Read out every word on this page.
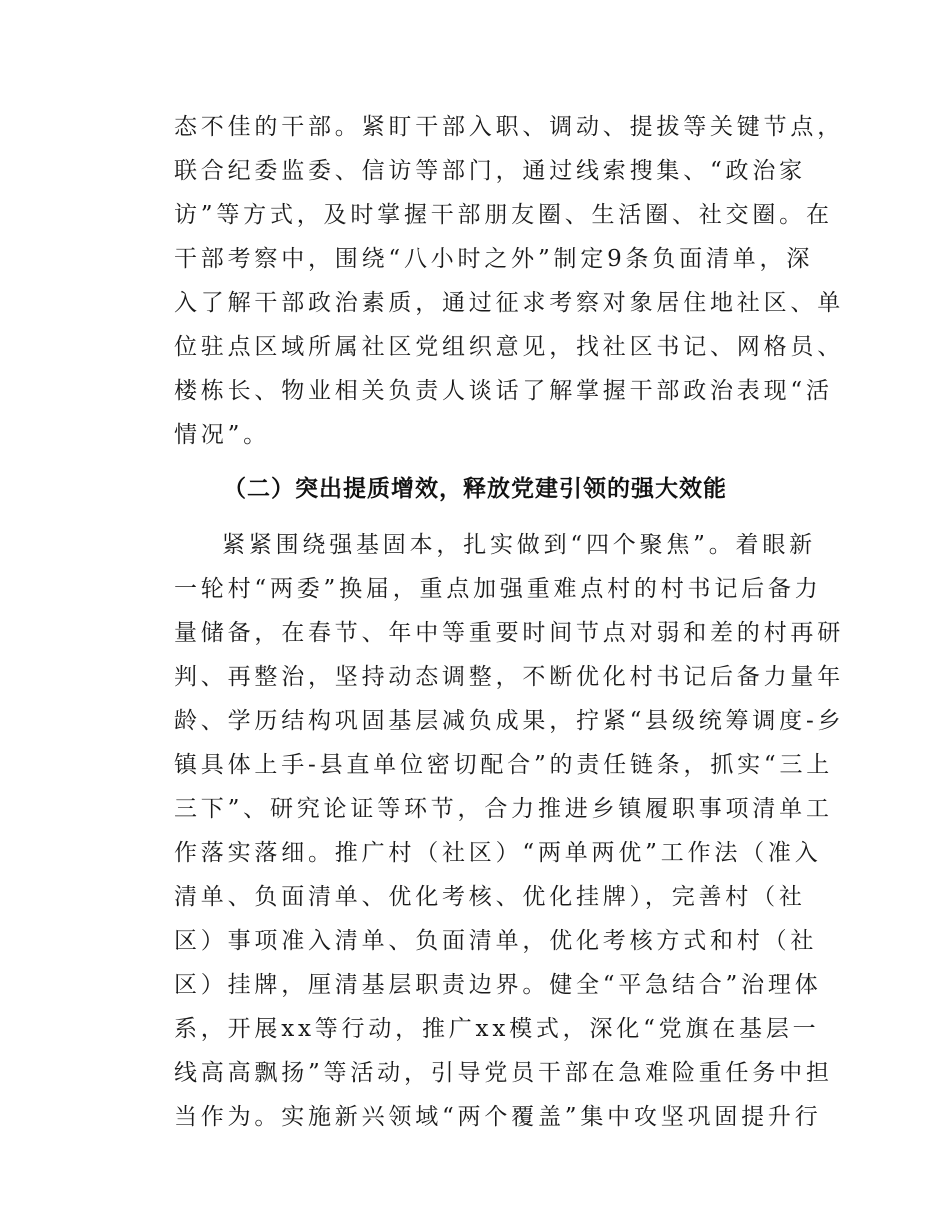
态不佳的干部。紧盯干部入职、调动、提拔等关键节点，
联合纪委监委、信访等部门，通过线索搜集、“政治家
访”等方式，及时掌握干部朋友圈、生活圈、社交圈。在
干部考察中，围绕“八小时之外”制定9条负面清单，深
入了解干部政治素质，通过征求考察对象居住地社区、单
位驻点区域所属社区党组织意见，找社区书记、网格员、
楼栋长、物业相关负责人谈话了解掌握干部政治表现“活
情况”。
（二）突出提质增效，释放党建引领的强大效能
紧紧围绕强基固本，扎实做到“四个聚焦”。着眼新
一轮村“两委”换届，重点加强重难点村的村书记后备力
量储备，在春节、年中等重要时间节点对弱和差的村再研
判、再整治，坚持动态调整，不断优化村书记后备力量年
龄、学历结构巩固基层减负成果，拧紧“县级统筹调度-乡
镇具体上手-县直单位密切配合”的责任链条，抓实“三上
三下”、研究论证等环节，合力推进乡镇履职事项清单工
作落实落细。推广村（社区）“两单两优”工作法（准入
清单、负面清单、优化考核、优化挂牌），完善村（社
区）事项准入清单、负面清单，优化考核方式和村（社
区）挂牌，厘清基层职责边界。健全“平急结合”治理体
系，开展xx等行动，推广xx模式，深化“党旗在基层一
线高高飘扬”等活动，引导党员干部在急难险重任务中担
当作为。实施新兴领域“两个覆盖”集中攻坚巩固提升行
